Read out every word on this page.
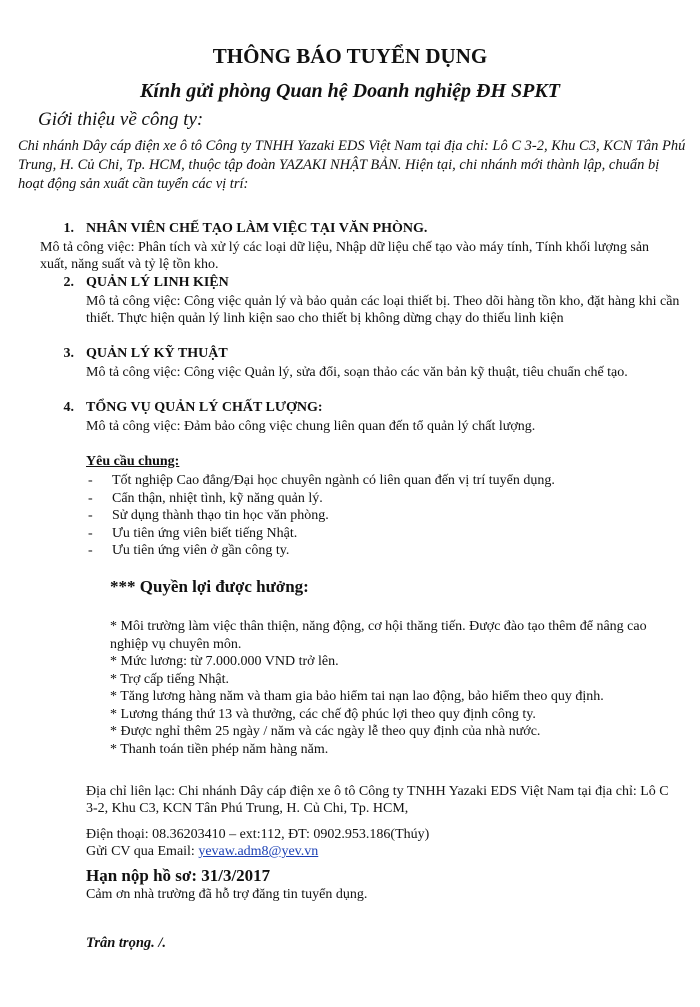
THÔNG BÁO TUYỂN DỤNG
Kính gửi phòng Quan hệ Doanh nghiệp ĐH SPKT
Giới thiệu về công ty:
Chi nhánh Dây cáp điện xe ô tô Công ty TNHH Yazaki EDS Việt Nam tại địa chỉ: Lô C 3-2, Khu C3, KCN Tân Phú Trung, H. Củ Chi, Tp. HCM, thuộc tập đoàn YAZAKI NHẬT BẢN. Hiện tại, chi nhánh mới thành lập, chuẩn bị hoạt động sản xuất cần tuyển các vị trí:
1. NHÂN VIÊN CHẾ TẠO LÀM VIỆC TẠI VĂN PHÒNG.
Mô tả công việc: Phân tích và xử lý các loại dữ liệu, Nhập dữ liệu chế tạo vào máy tính, Tính khối lượng sản xuất, năng suất và tỷ lệ tồn kho.
2. QUẢN LÝ LINH KIỆN
Mô tả công việc: Công việc quản lý và bảo quản các loại thiết bị. Theo dõi hàng tồn kho, đặt hàng khi cần thiết. Thực hiện quản lý linh kiện sao cho thiết bị không dừng chạy do thiếu linh kiện
3. QUẢN LÝ KỸ THUẬT
Mô tả công việc: Công việc Quản lý, sửa đổi, soạn thảo các văn bản kỹ thuật, tiêu chuẩn chế tạo.
4. TỔNG VỤ QUẢN LÝ CHẤT LƯỢNG:
Mô tả công việc: Đảm bảo công việc chung liên quan đến tổ quản lý chất lượng.
Yêu cầu chung:
- Tốt nghiệp Cao đẳng/Đại học chuyên ngành có liên quan đến vị trí tuyển dụng.
- Cẩn thận, nhiệt tình, kỹ năng quản lý.
- Sử dụng thành thạo tin học văn phòng.
- Ưu tiên ứng viên biết tiếng Nhật.
- Ưu tiên ứng viên ở gần công ty.
*** Quyền lợi được hưởng:
* Môi trường làm việc thân thiện, năng động, cơ hội thăng tiến. Được đào tạo thêm để nâng cao nghiệp vụ chuyên môn.
* Mức lương: từ 7.000.000 VND trở lên.
* Trợ cấp tiếng Nhật.
* Tăng lương hàng năm và tham gia bảo hiểm tai nạn lao động, bảo hiểm theo quy định.
* Lương tháng thứ 13 và thưởng, các chế độ phúc lợi theo quy định công ty.
* Được nghỉ thêm 25 ngày / năm và các ngày lễ theo quy định của nhà nước.
* Thanh toán tiền phép năm hàng năm.
Địa chỉ liên lạc: Chi nhánh Dây cáp điện xe ô tô Công ty TNHH Yazaki EDS Việt Nam tại địa chỉ: Lô C 3-2, Khu C3, KCN Tân Phú Trung, H. Củ Chi, Tp. HCM,
Điện thoại: 08.36203410 – ext:112, ĐT: 0902.953.186(Thúy)
Gửi CV qua Email: yevaw.adm8@yev.vn
Hạn nộp hồ sơ: 31/3/2017
Cảm ơn nhà trường đã hỗ trợ đăng tin tuyển dụng.
Trân trọng. /.
